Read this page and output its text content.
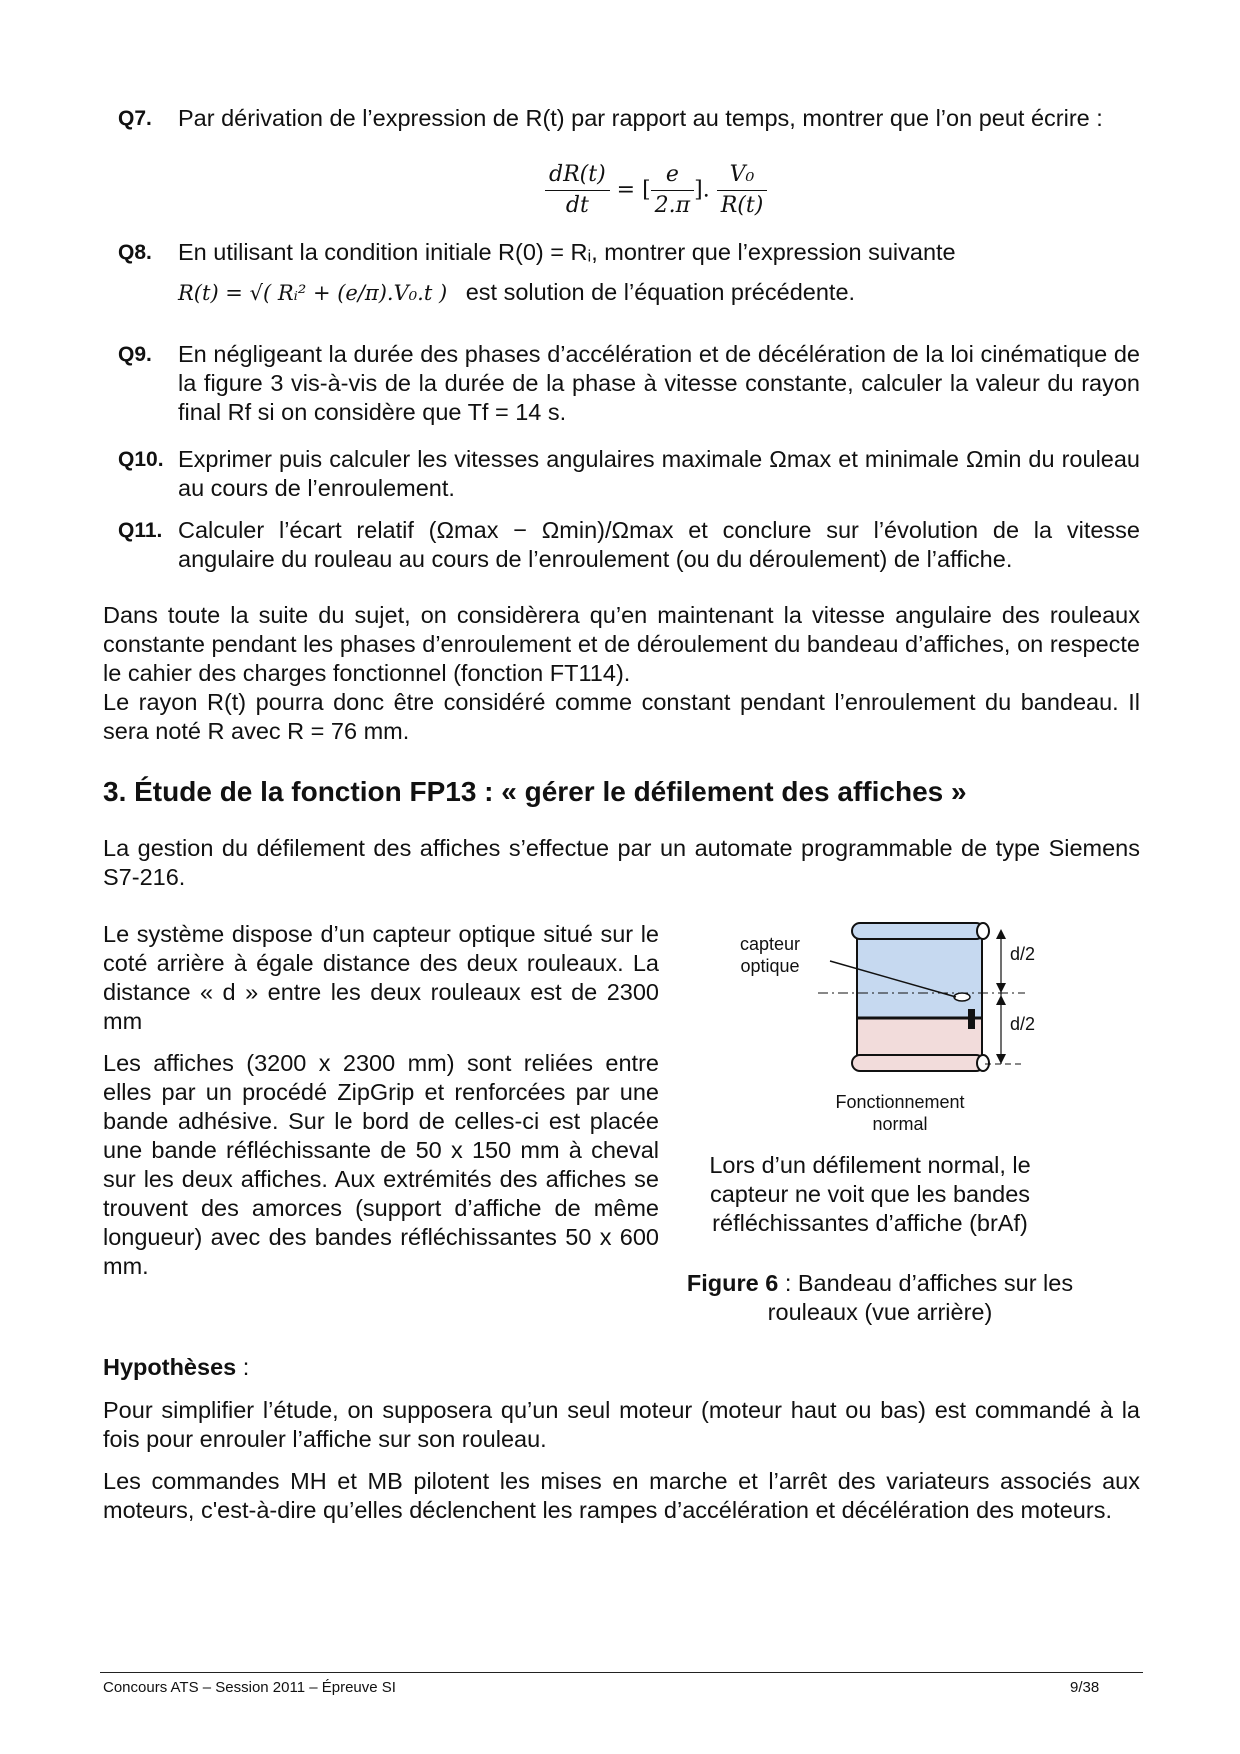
Q7. Par dérivation de l’expression de R(t) par rapport au temps, montrer que l’on peut écrire :
$\frac{dR(t)}{dt}$ = [ $\frac{e}{2.\pi}$ ]. $\frac{\text{V₀}}{R(t)}$
Q8. En utilisant la condition initiale R(0) = Rᵢ, montrer que l’expression suivante
R(t) = √( Rᵢ² + (e/π).V₀.t ) est solution de l’équation précédente.
Q9. En négligeant la durée des phases d’accélération et de décélération de la loi cinématique de la figure 3 vis-à-vis de la durée de la phase à vitesse constante, calculer la valeur du rayon final Rf si on considère que Tf = 14 s.
Q10. Exprimer puis calculer les vitesses angulaires maximale Ωmax et minimale Ωmin du rouleau au cours de l’enroulement.
Q11. Calculer l’écart relatif (Ωmax − Ωmin)/Ωmax et conclure sur l’évolution de la vitesse angulaire du rouleau au cours de l’enroulement (ou du déroulement) de l’affiche.
Dans toute la suite du sujet, on considèrera qu’en maintenant la vitesse angulaire des rouleaux constante pendant les phases d’enroulement et de déroulement du bandeau d’affiches, on respecte le cahier des charges fonctionnel (fonction FT114).
Le rayon R(t) pourra donc être considéré comme constant pendant l’enroulement du bandeau. Il sera noté R avec R = 76 mm.
3. Étude de la fonction FP13 : « gérer le défilement des affiches »
La gestion du défilement des affiches s’effectue par un automate programmable de type Siemens S7-216.
Le système dispose d’un capteur optique situé sur le coté arrière à égale distance des deux rouleaux. La distance « d » entre les deux rouleaux est de 2300 mm
Les affiches (3200 x 2300 mm) sont reliées entre elles par un procédé ZipGrip et renforcées par une bande adhésive. Sur le bord de celles-ci est placée une bande réfléchissante de 50 x 150 mm à cheval sur les deux affiches. Aux extrémités des affiches se trouvent des amorces (support d’affiche de même longueur) avec des bandes réfléchissantes 50 x 600 mm.
capteur
optique
d/2
d/2
Fonctionnement
normal
Lors d’un défilement normal, le capteur ne voit que les bandes réfléchissantes d’affiche (brAf)
Figure 6 : Bandeau d’affiches sur les
rouleaux (vue arrière)
Hypothèses :
Pour simplifier l’étude, on supposera qu’un seul moteur (moteur haut ou bas) est commandé à la fois pour enrouler l’affiche sur son rouleau.
Les commandes MH et MB pilotent les mises en marche et l’arrêt des variateurs associés aux moteurs, c'est-à-dire qu’elles déclenchent les rampes d’accélération et décélération des moteurs.
Concours ATS – Session 2011 – Épreuve SI	9/38
